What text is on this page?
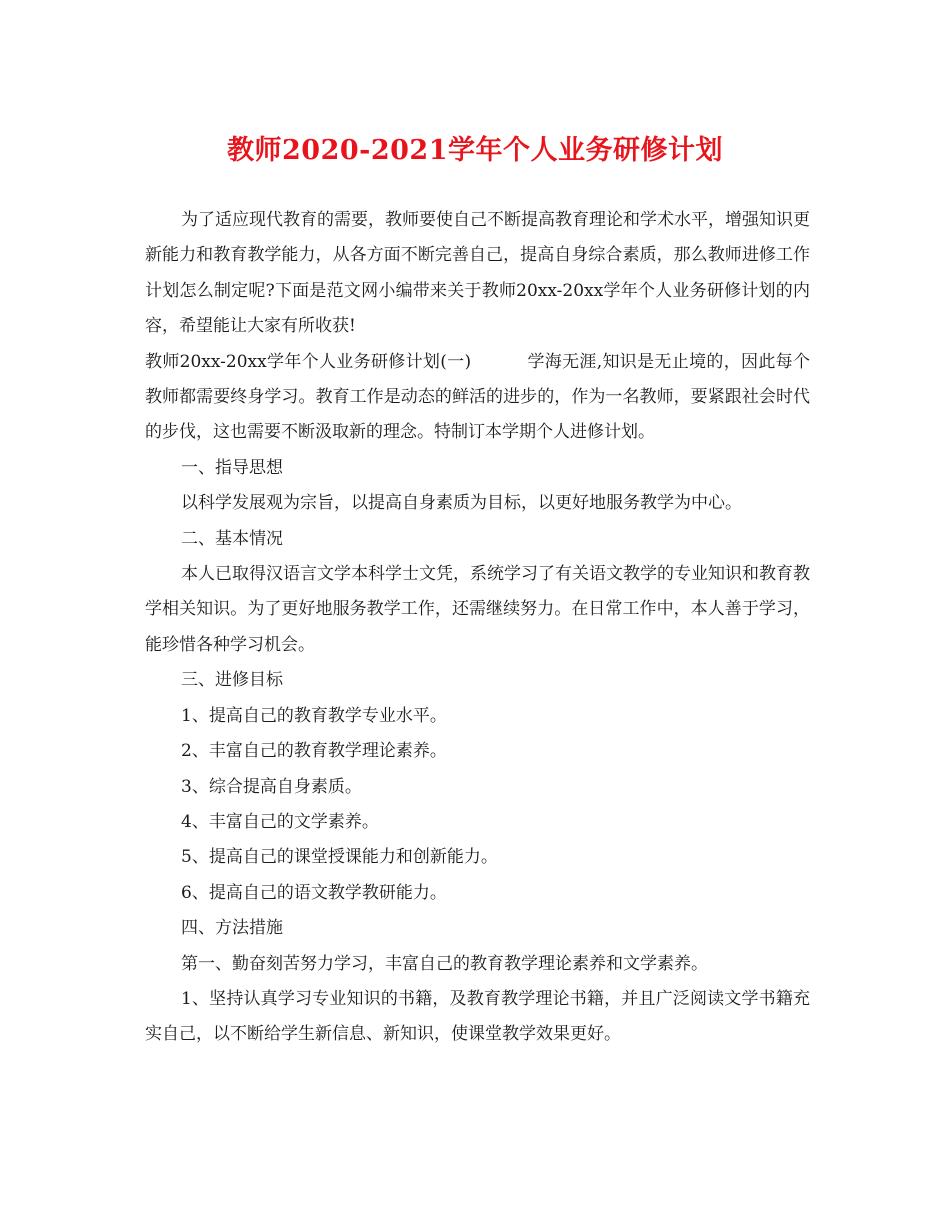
教师2020-2021学年个人业务研修计划

为了适应现代教育的需要，教师要使自己不断提高教育理论和学术水平，增强知识更新能力和教育教学能力，从各方面不断完善自己，提高自身综合素质，那么教师进修工作计划怎么制定呢?下面是范文网小编带来关于教师20xx-20xx学年个人业务研修计划的内容，希望能让大家有所收获!

教师20xx-20xx学年个人业务研修计划(一)	学海无涯,知识是无止境的，因此每个教师都需要终身学习。教育工作是动态的鲜活的进步的，作为一名教师，要紧跟社会时代的步伐，这也需要不断汲取新的理念。特制订本学期个人进修计划。

一、指导思想

以科学发展观为宗旨，以提高自身素质为目标，以更好地服务教学为中心。

二、基本情况

本人已取得汉语言文学本科学士文凭，系统学习了有关语文教学的专业知识和教育教学相关知识。为了更好地服务教学工作，还需继续努力。在日常工作中，本人善于学习，能珍惜各种学习机会。

三、进修目标

1、提高自己的教育教学专业水平。

2、丰富自己的教育教学理论素养。

3、综合提高自身素质。

4、丰富自己的文学素养。

5、提高自己的课堂授课能力和创新能力。

6、提高自己的语文教学教研能力。

四、方法措施

第一、勤奋刻苦努力学习，丰富自己的教育教学理论素养和文学素养。

1、坚持认真学习专业知识的书籍，及教育教学理论书籍，并且广泛阅读文学书籍充实自己，以不断给学生新信息、新知识，使课堂教学效果更好。
